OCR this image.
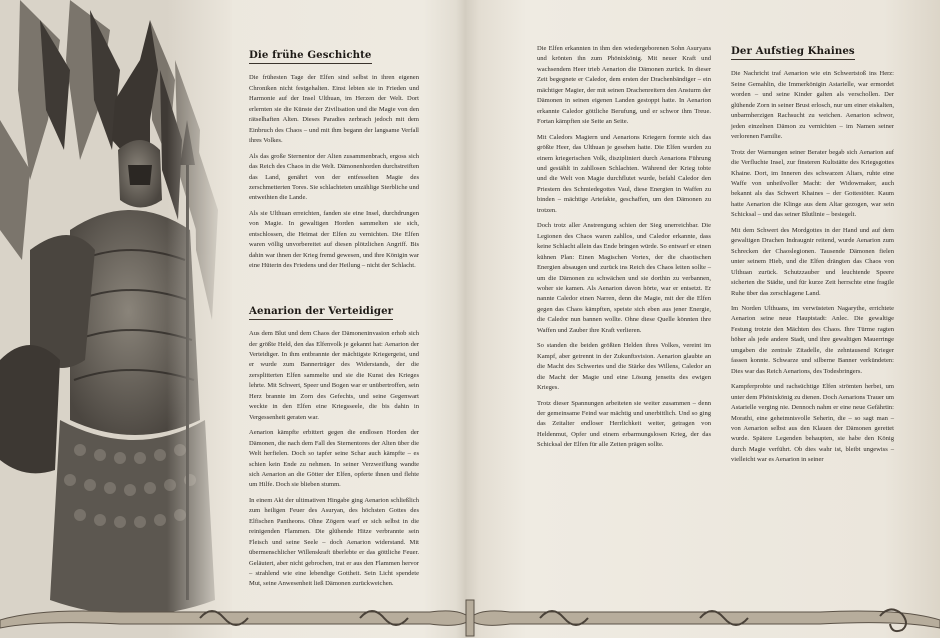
Die frühe Geschichte

Die frühesten Tage der Elfen sind selbst in ihren eigenen Chroniken nicht festgehalten. Einst lebten sie in Frieden und Harmonie auf der Insel Ulthuan, im Herzen der Welt. Dort erlernten sie die Künste der Zivilisation und die Magie von den rätselhaften Alten. Dieses Paradies zerbrach jedoch mit dem Einbruch des Chaos – und mit ihm begann der langsame Verfall ihres Volkes.

Als das große Sternentor der Alten zusammenbrach, ergoss sich das Reich des Chaos in die Welt. Dämonenhorden durchstreiften das Land, genährt von der entfesselten Magie des zerschmetterten Tores. Sie schlachteten unzählige Sterbliche und entweihten die Lande.

Als sie Ulthuan erreichten, fanden sie eine Insel, durchdrungen von Magie. In gewaltigen Horden sammelten sie sich, entschlossen, die Heimat der Elfen zu vernichten. Die Elfen waren völlig unvorbereitet auf diesen plötzlichen Angriff. Bis dahin war ihnen der Krieg fremd gewesen, und ihre Königin war eine Hüterin des Friedens und der Heilung – nicht der Schlacht.

Aenarion der Verteidiger

Aus dem Blut und dem Chaos der Dämoneninvasion erhob sich der größte Held, den das Elfenvolk je gekannt hat: Aenarion der Verteidiger. In ihm entbrannte der mächtigste Kriegergeist, und er wurde zum Bannerträger des Widerstands, der die zersplitterten Elfen sammelte und sie die Kunst des Krieges lehrte. Mit Schwert, Speer und Bogen war er unübertroffen, sein Herz brannte im Zorn des Gefechts, und seine Gegenwart weckte in den Elfen eine Kriegsseele, die bis dahin in Vergessenheit geraten war.

Aenarion kämpfte erbittert gegen die endlosen Horden der Dämonen, die nach dem Fall des Sternentores der Alten über die Welt herfielen. Doch so tapfer seine Schar auch kämpfte – es schien kein Ende zu nehmen. In seiner Verzweiflung wandte sich Aenarion an die Götter der Elfen, opferte ihnen und flehte um Hilfe. Doch sie blieben stumm.

In einem Akt der ultimativen Hingabe ging Aenarion schließlich zum heiligen Feuer des Asuryan, des höchsten Gottes des Elfischen Pantheons. Ohne Zögern warf er sich selbst in die reinigenden Flammen. Die glühende Hitze verbrannte sein Fleisch und seine Seele – doch Aenarion widerstand. Mit übermenschlicher Willenskraft überlebte er das göttliche Feuer. Geläutert, aber nicht gebrochen, trat er aus den Flammen hervor – strahlend wie eine lebendige Gottheit. Sein Licht spendete Mut, seine Anwesenheit ließ Dämonen zurückweichen.

Die Elfen erkannten in ihm den wiedergeborenen Sohn Asuryans und krönten ihn zum Phönixkönig. Mit neuer Kraft und wachsendem Heer trieb Aenarion die Dämonen zurück. In dieser Zeit begegnete er Caledor, dem ersten der Drachenbändiger – ein mächtiger Magier, der mit seinen Drachenreitern den Ansturm der Dämonen in seinen eigenen Landen gestoppt hatte. In Aenarion erkannte Caledor göttliche Berufung, und er schwor ihm Treue. Fortan kämpften sie Seite an Seite.

Mit Caledors Magiern und Aenarions Kriegern formte sich das größte Heer, das Ulthuan je gesehen hatte. Die Elfen wurden zu einem kriegerischen Volk, diszipliniert durch Aenarions Führung und gestählt in zahllosen Schlachten. Während der Krieg tobte und die Welt von Magie durchflutet wurde, befahl Caledor den Priestern des Schmiedegottes Vaul, diese Energien in Waffen zu binden – mächtige Artefakte, geschaffen, um den Dämonen zu trotzen.

Doch trotz aller Anstrengung schien der Sieg unerreichbar. Die Legionen des Chaos waren zahllos, und Caledor erkannte, dass keine Schlacht allein das Ende bringen würde. So entwarf er einen kühnen Plan: Einen Magischen Vortex, der die chaotischen Energien absaugen und zurück ins Reich des Chaos leiten sollte – um die Dämonen zu schwächen und sie dorthin zu verbannen, woher sie kamen. Als Aenarion davon hörte, war er entsetzt. Er nannte Caledor einen Narren, denn die Magie, mit der die Elfen gegen das Chaos kämpften, speiste sich eben aus jener Energie, die Caledor nun bannen wollte. Ohne diese Quelle könnten ihre Waffen und Zauber ihre Kraft verlieren.

So standen die beiden größten Helden ihres Volkes, vereint im Kampf, aber getrennt in der Zukunftsvision. Aenarion glaubte an die Macht des Schwertes und die Stärke des Willens, Caledor an die Macht der Magie und eine Lösung jenseits des ewigen Krieges.

Trotz dieser Spannungen arbeiteten sie weiter zusammen – denn der gemeinsame Feind war mächtig und unerbittlich. Und so ging das Zeitalter endloser Herrlichkeit weiter, getragen von Heldenmut, Opfer und einem erbarmungslosen Krieg, der das Schicksal der Elfen für alle Zeiten prägen sollte.

Der Aufstieg Khaines

Die Nachricht traf Aenarion wie ein Schwertstoß ins Herz: Seine Gemahlin, die Immerkönigin Astarielle, war ermordet worden – und seine Kinder galten als verschollen. Der glühende Zorn in seiner Brust erlosch, nur um einer eiskalten, unbarmherzigen Rachsucht zu weichen. Aenarion schwor, jeden einzelnen Dämon zu vernichten – im Namen seiner verlorenen Familie.

Trotz der Warnungen seiner Berater begab sich Aenarion auf die Verfluchte Insel, zur finsteren Kultstätte des Kriegsgottes Khaine. Dort, im Inneren des schwarzen Altars, ruhte eine Waffe von unheilvoller Macht: der Widowmaker, auch bekannt als das Schwert Khaines – der Gottestöter. Kaum hatte Aenarion die Klinge aus dem Altar gezogen, war sein Schicksal – und das seiner Blutlinie – besiegelt.

Mit dem Schwert des Mordgottes in der Hand und auf dem gewaltigen Drachen Indraugnir reitend, wurde Aenarion zum Schrecken der Chaoslegionen. Tausende Dämonen fielen unter seinem Hieb, und die Elfen drängten das Chaos von Ulthuan zurück. Schutzzauber und leuchtende Speere sicherten die Städte, und für kurze Zeit herrschte eine fragile Ruhe über das zerschlagene Land.

Im Norden Ulthuans, im verwüsteten Nagarythe, errichtete Aenarion seine neue Hauptstadt: Anlec. Die gewaltige Festung trotzte den Mächten des Chaos. Ihre Türme ragten höher als jede andere Stadt, und ihre gewaltigen Mauerringe umgaben die zentrale Zitadelle, die zehntausend Krieger fassen konnte. Schwarze und silberne Banner verkündeten: Dies war das Reich Aenarions, des Todesbringers.

Kampferprobte und rachsüchtige Elfen strömten herbei, um unter dem Phönixkönig zu dienen. Doch Aenarions Trauer um Astarielle verging nie. Dennoch nahm er eine neue Gefährtin: Morathi, eine geheimnisvolle Seherin, die – so sagt man – von Aenarion selbst aus den Klauen der Dämonen gerettet wurde. Spätere Legenden behaupten, sie habe den König durch Magie verführt. Ob dies wahr ist, bleibt ungewiss – vielleicht war es Aenarion in seiner
